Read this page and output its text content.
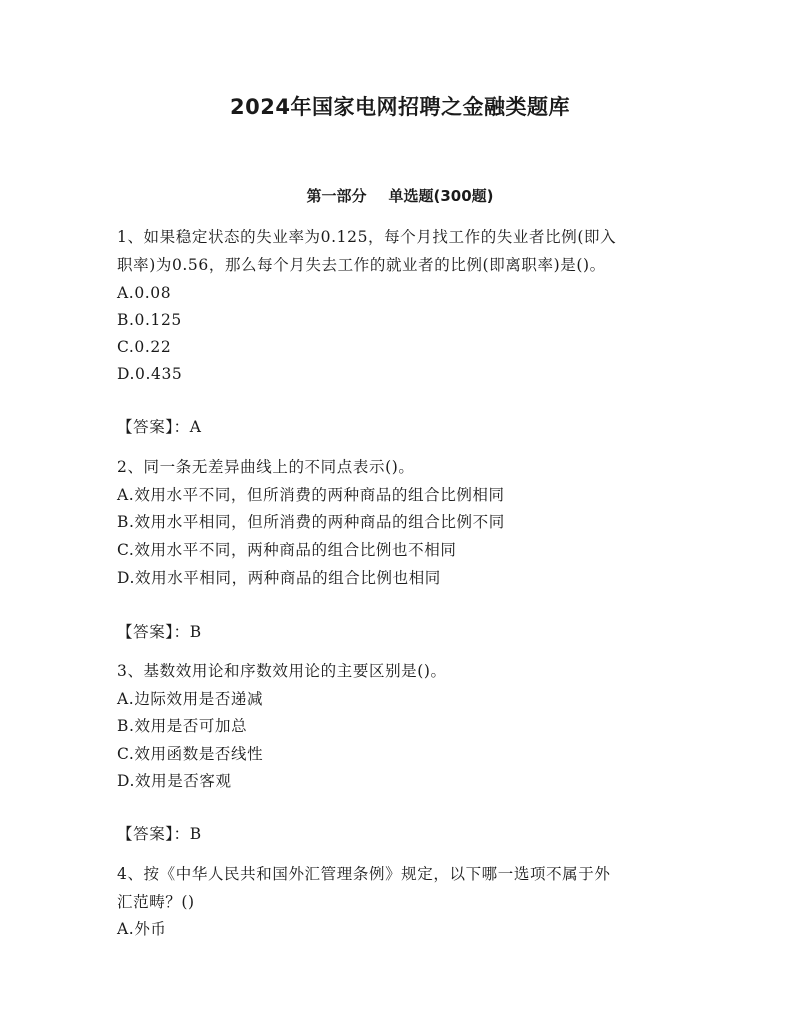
2024年国家电网招聘之金融类题库
第一部分 单选题(300题)
1、如果稳定状态的失业率为0.125，每个月找工作的失业者比例(即入
职率)为0.56，那么每个月失去工作的就业者的比例(即离职率)是()。
A.0.08
B.0.125
C.0.22
D.0.435
【答案】：A
2、同一条无差异曲线上的不同点表示()。
A.效用水平不同，但所消费的两种商品的组合比例相同
B.效用水平相同，但所消费的两种商品的组合比例不同
C.效用水平不同，两种商品的组合比例也不相同
D.效用水平相同，两种商品的组合比例也相同
【答案】：B
3、基数效用论和序数效用论的主要区别是()。
A.边际效用是否递减
B.效用是否可加总
C.效用函数是否线性
D.效用是否客观
【答案】：B
4、按《中华人民共和国外汇管理条例》规定，以下哪一选项不属于外
汇范畴？()
A.外币
